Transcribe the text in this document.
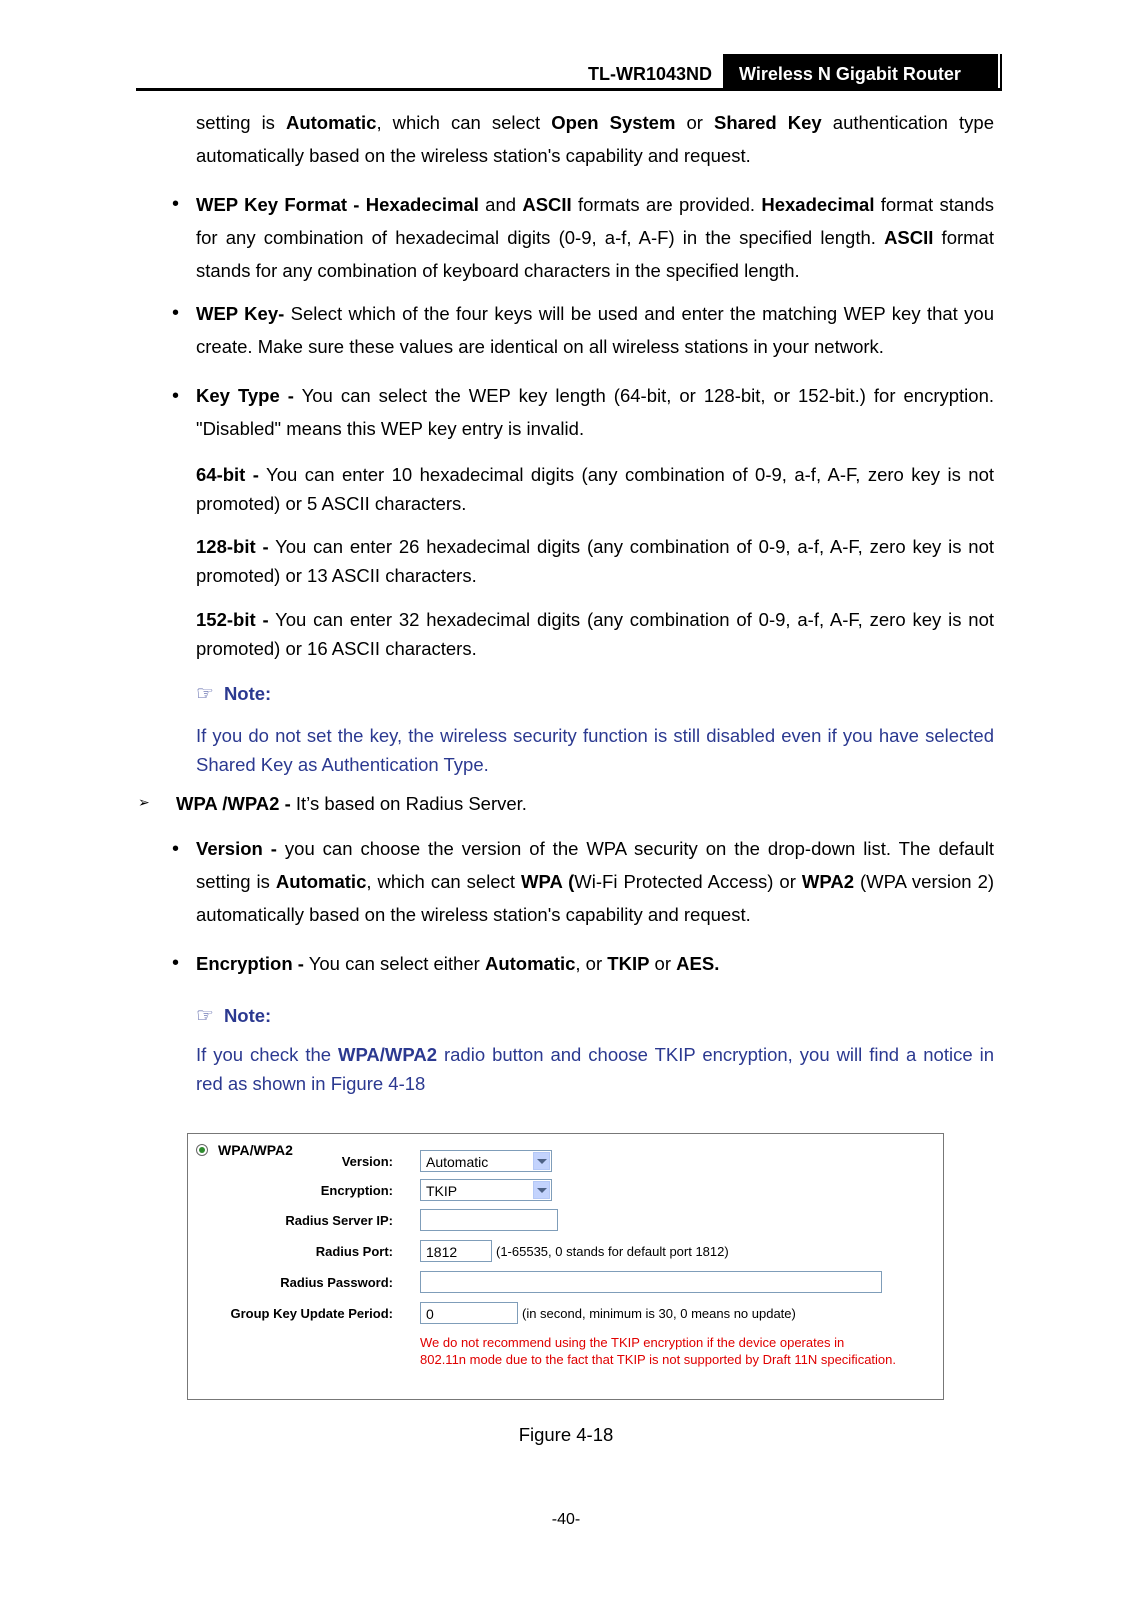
TL-WR1043ND	Wireless N Gigabit Router
setting is Automatic, which can select Open System or Shared Key authentication type automatically based on the wireless station's capability and request.
• WEP Key Format - Hexadecimal and ASCII formats are provided. Hexadecimal format stands for any combination of hexadecimal digits (0-9, a-f, A-F) in the specified length. ASCII format stands for any combination of keyboard characters in the specified length.
• WEP Key- Select which of the four keys will be used and enter the matching WEP key that you create. Make sure these values are identical on all wireless stations in your network.
• Key Type - You can select the WEP key length (64-bit, or 128-bit, or 152-bit.) for encryption. "Disabled" means this WEP key entry is invalid.
64-bit - You can enter 10 hexadecimal digits (any combination of 0-9, a-f, A-F, zero key is not promoted) or 5 ASCII characters.
128-bit - You can enter 26 hexadecimal digits (any combination of 0-9, a-f, A-F, zero key is not promoted) or 13 ASCII characters.
152-bit - You can enter 32 hexadecimal digits (any combination of 0-9, a-f, A-F, zero key is not promoted) or 16 ASCII characters.
☞ Note:
If you do not set the key, the wireless security function is still disabled even if you have selected Shared Key as Authentication Type.
➢ WPA /WPA2 - It’s based on Radius Server.
• Version - you can choose the version of the WPA security on the drop-down list. The default setting is Automatic, which can select WPA (Wi-Fi Protected Access) or WPA2 (WPA version 2) automatically based on the wireless station's capability and request.
• Encryption - You can select either Automatic, or TKIP or AES.
☞ Note:
If you check the WPA/WPA2 radio button and choose TKIP encryption, you will find a notice in red as shown in Figure 4-18
WPA/WPA2
Version:	Automatic
Encryption:	TKIP
Radius Server IP:
Radius Port:	1812	(1-65535, 0 stands for default port 1812)
Radius Password:
Group Key Update Period:	0	(in second, minimum is 30, 0 means no update)
We do not recommend using the TKIP encryption if the device operates in
802.11n mode due to the fact that TKIP is not supported by Draft 11N specification.
Figure 4-18
-40-
